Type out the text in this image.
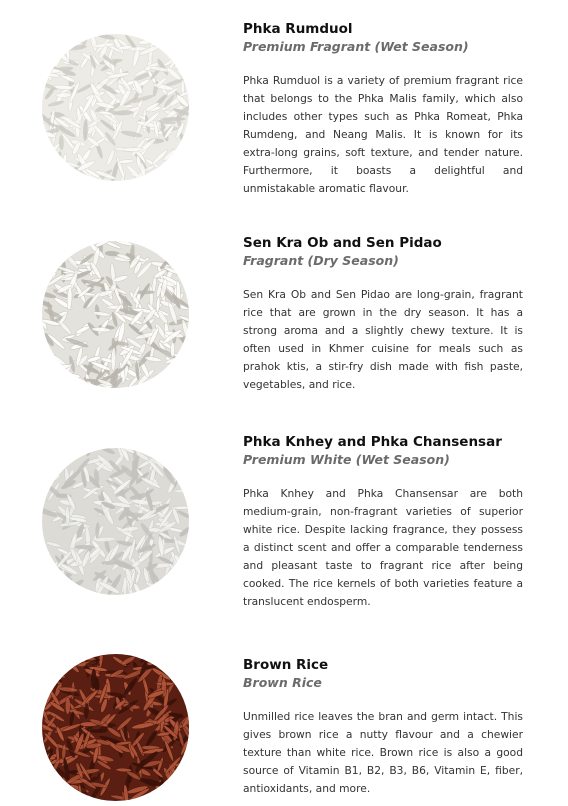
Phka Rumduol

Premium Fragrant (Wet Season)

Phka Rumduol is a variety of premium fragrant rice that belongs to the Phka Malis family, which also includes other types such as Phka Romeat, Phka Rumdeng, and Neang Malis. It is known for its extra-long grains, soft texture, and tender nature. Furthermore, it boasts a delightful and unmistakable aromatic flavour.

Sen Kra Ob and Sen Pidao

Fragrant (Dry Season)

Sen Kra Ob and Sen Pidao are long-grain, fragrant rice that are grown in the dry season. It has a strong aroma and a slightly chewy texture. It is often used in Khmer cuisine for meals such as prahok ktis, a stir-fry dish made with fish paste, vegetables, and rice.

Phka Knhey and Phka Chansensar

Premium White (Wet Season)

Phka Knhey and Phka Chansensar are both medium-grain, non-fragrant varieties of superior white rice. Despite lacking fragrance, they possess a distinct scent and offer a comparable tenderness and pleasant taste to fragrant rice after being cooked. The rice kernels of both varieties feature a translucent endosperm.

Brown Rice

Brown Rice

Unmilled rice leaves the bran and germ intact. This gives brown rice a nutty flavour and a chewier texture than white rice. Brown rice is also a good source of Vitamin B1, B2, B3, B6, Vitamin E, fiber, antioxidants, and more.
